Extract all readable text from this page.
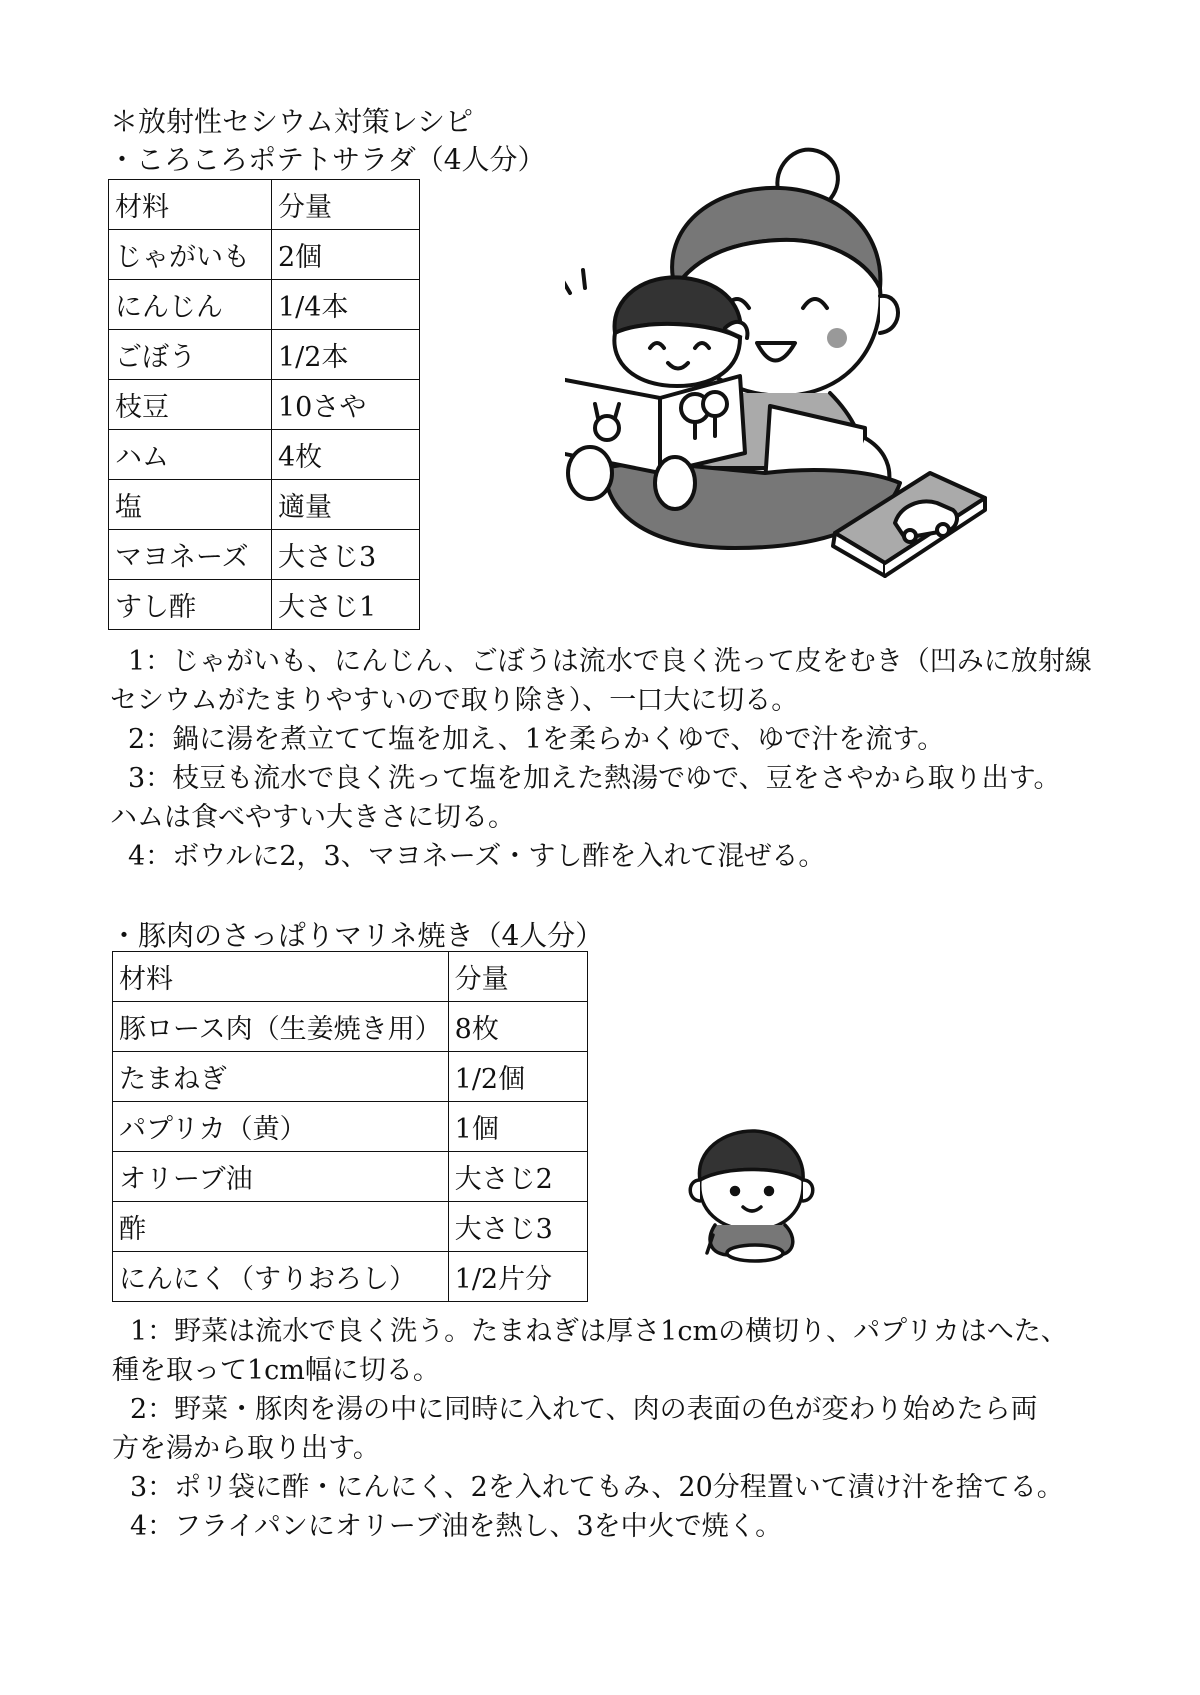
＊放射性セシウム対策レシピ
・ころころポテトサラダ（4人分）
材料	分量
じゃがいも	2個
にんじん	1/4本
ごぼう	1/2本
枝豆	10さや
ハム	4枚
塩	適量
マヨネーズ	大さじ3
すし酢	大さじ1

1：じゃがいも、にんじん、ごぼうは流水で良く洗って皮をむき（凹みに放射線

セシウムがたまりやすいので取り除き）、一口大に切る。

2：鍋に湯を煮立てて塩を加え、1を柔らかくゆで、ゆで汁を流す。

3：枝豆も流水で良く洗って塩を加えた熱湯でゆで、豆をさやから取り出す。

ハムは食べやすい大きさに切る。

4：ボウルに2，3、マヨネーズ・すし酢を入れて混ぜる。

・豚肉のさっぱりマリネ焼き（4人分）
材料	分量
豚ロース肉（生姜焼き用）	8枚
たまねぎ	1/2個
パプリカ（黄）	1個
オリーブ油	大さじ2
酢	大さじ3
にんにく（すりおろし）	1/2片分

1：野菜は流水で良く洗う。たまねぎは厚さ1cmの横切り、パプリカはへた、

種を取って1cm幅に切る。

2：野菜・豚肉を湯の中に同時に入れて、肉の表面の色が変わり始めたら両

方を湯から取り出す。

3：ポリ袋に酢・にんにく、2を入れてもみ、20分程置いて漬け汁を捨てる。

4：フライパンにオリーブ油を熱し、3を中火で焼く。
